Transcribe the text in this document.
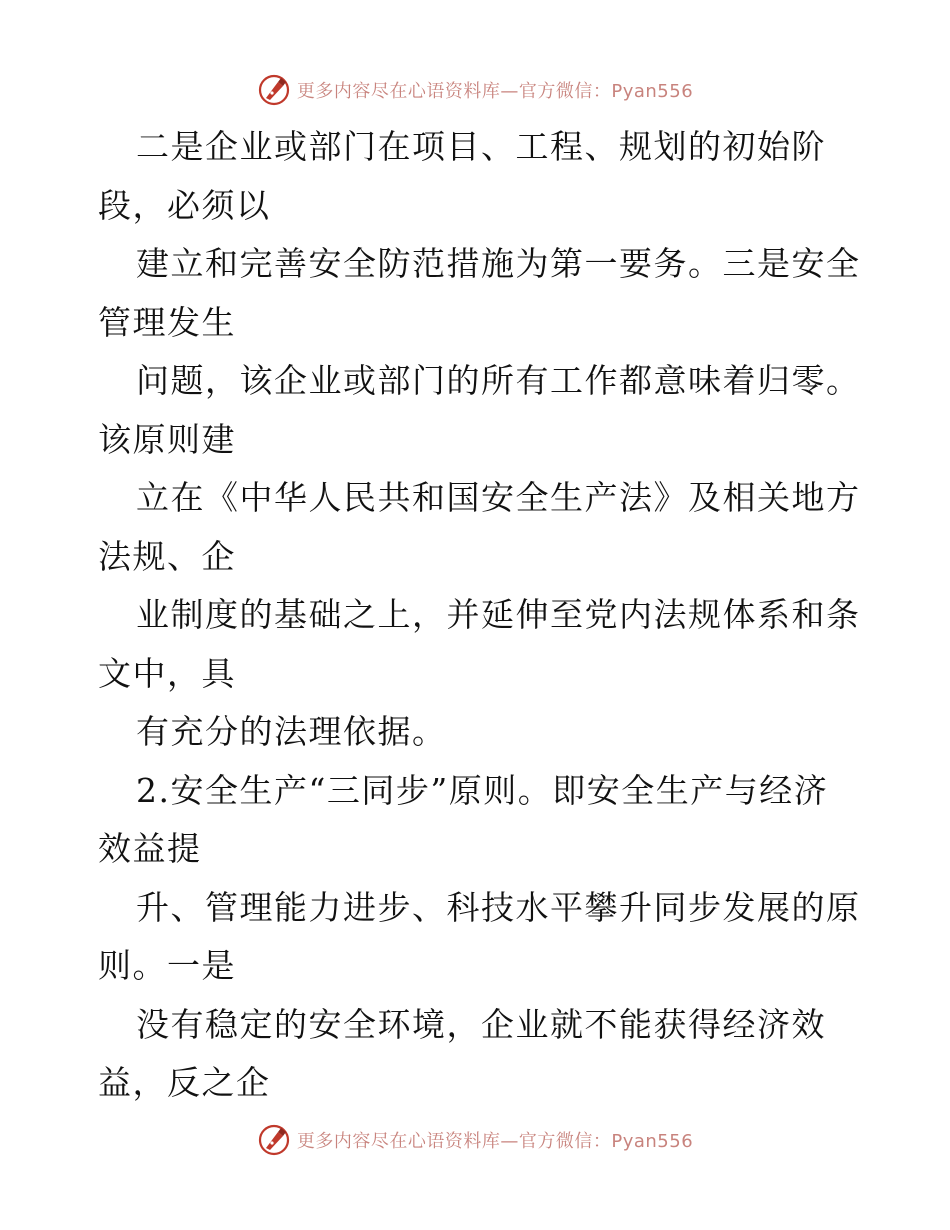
更多内容尽在心语资料库—官方微信：Pyan556
二是企业或部门在项目、工程、规划的初始阶
段，必须以
建立和完善安全防范措施为第一要务。三是安全
管理发生
问题，该企业或部门的所有工作都意味着归零。
该原则建
立在《中华人民共和国安全生产法》及相关地方
法规、企
业制度的基础之上，并延伸至党内法规体系和条
文中，具
有充分的法理依据。
2.安全生产“三同步”原则。即安全生产与经济
效益提
升、管理能力进步、科技水平攀升同步发展的原
则。一是
没有稳定的安全环境，企业就不能获得经济效
益，反之企
更多内容尽在心语资料库—官方微信：Pyan556
